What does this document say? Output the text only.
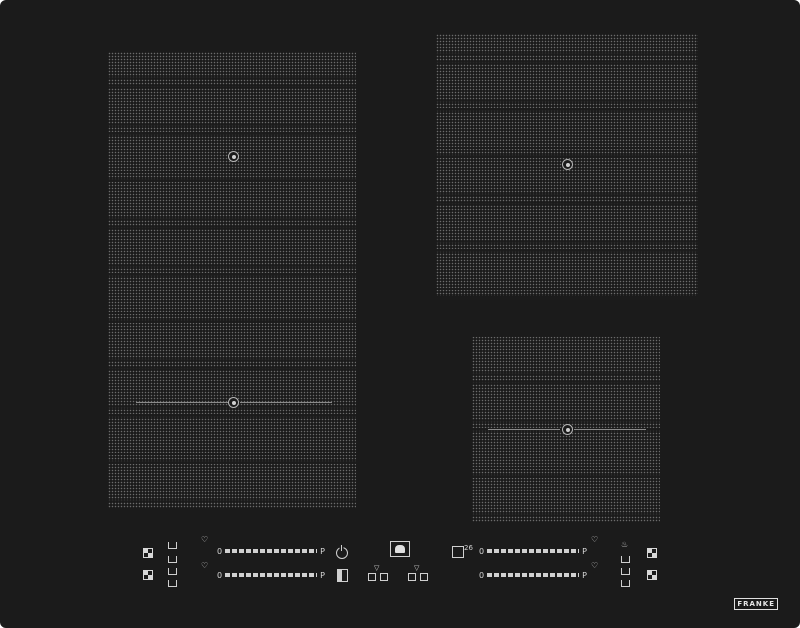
♡
♡
0	P
0	P
▽	▽
26 0	P
0	P
♡
♡
♨
FRANKE
